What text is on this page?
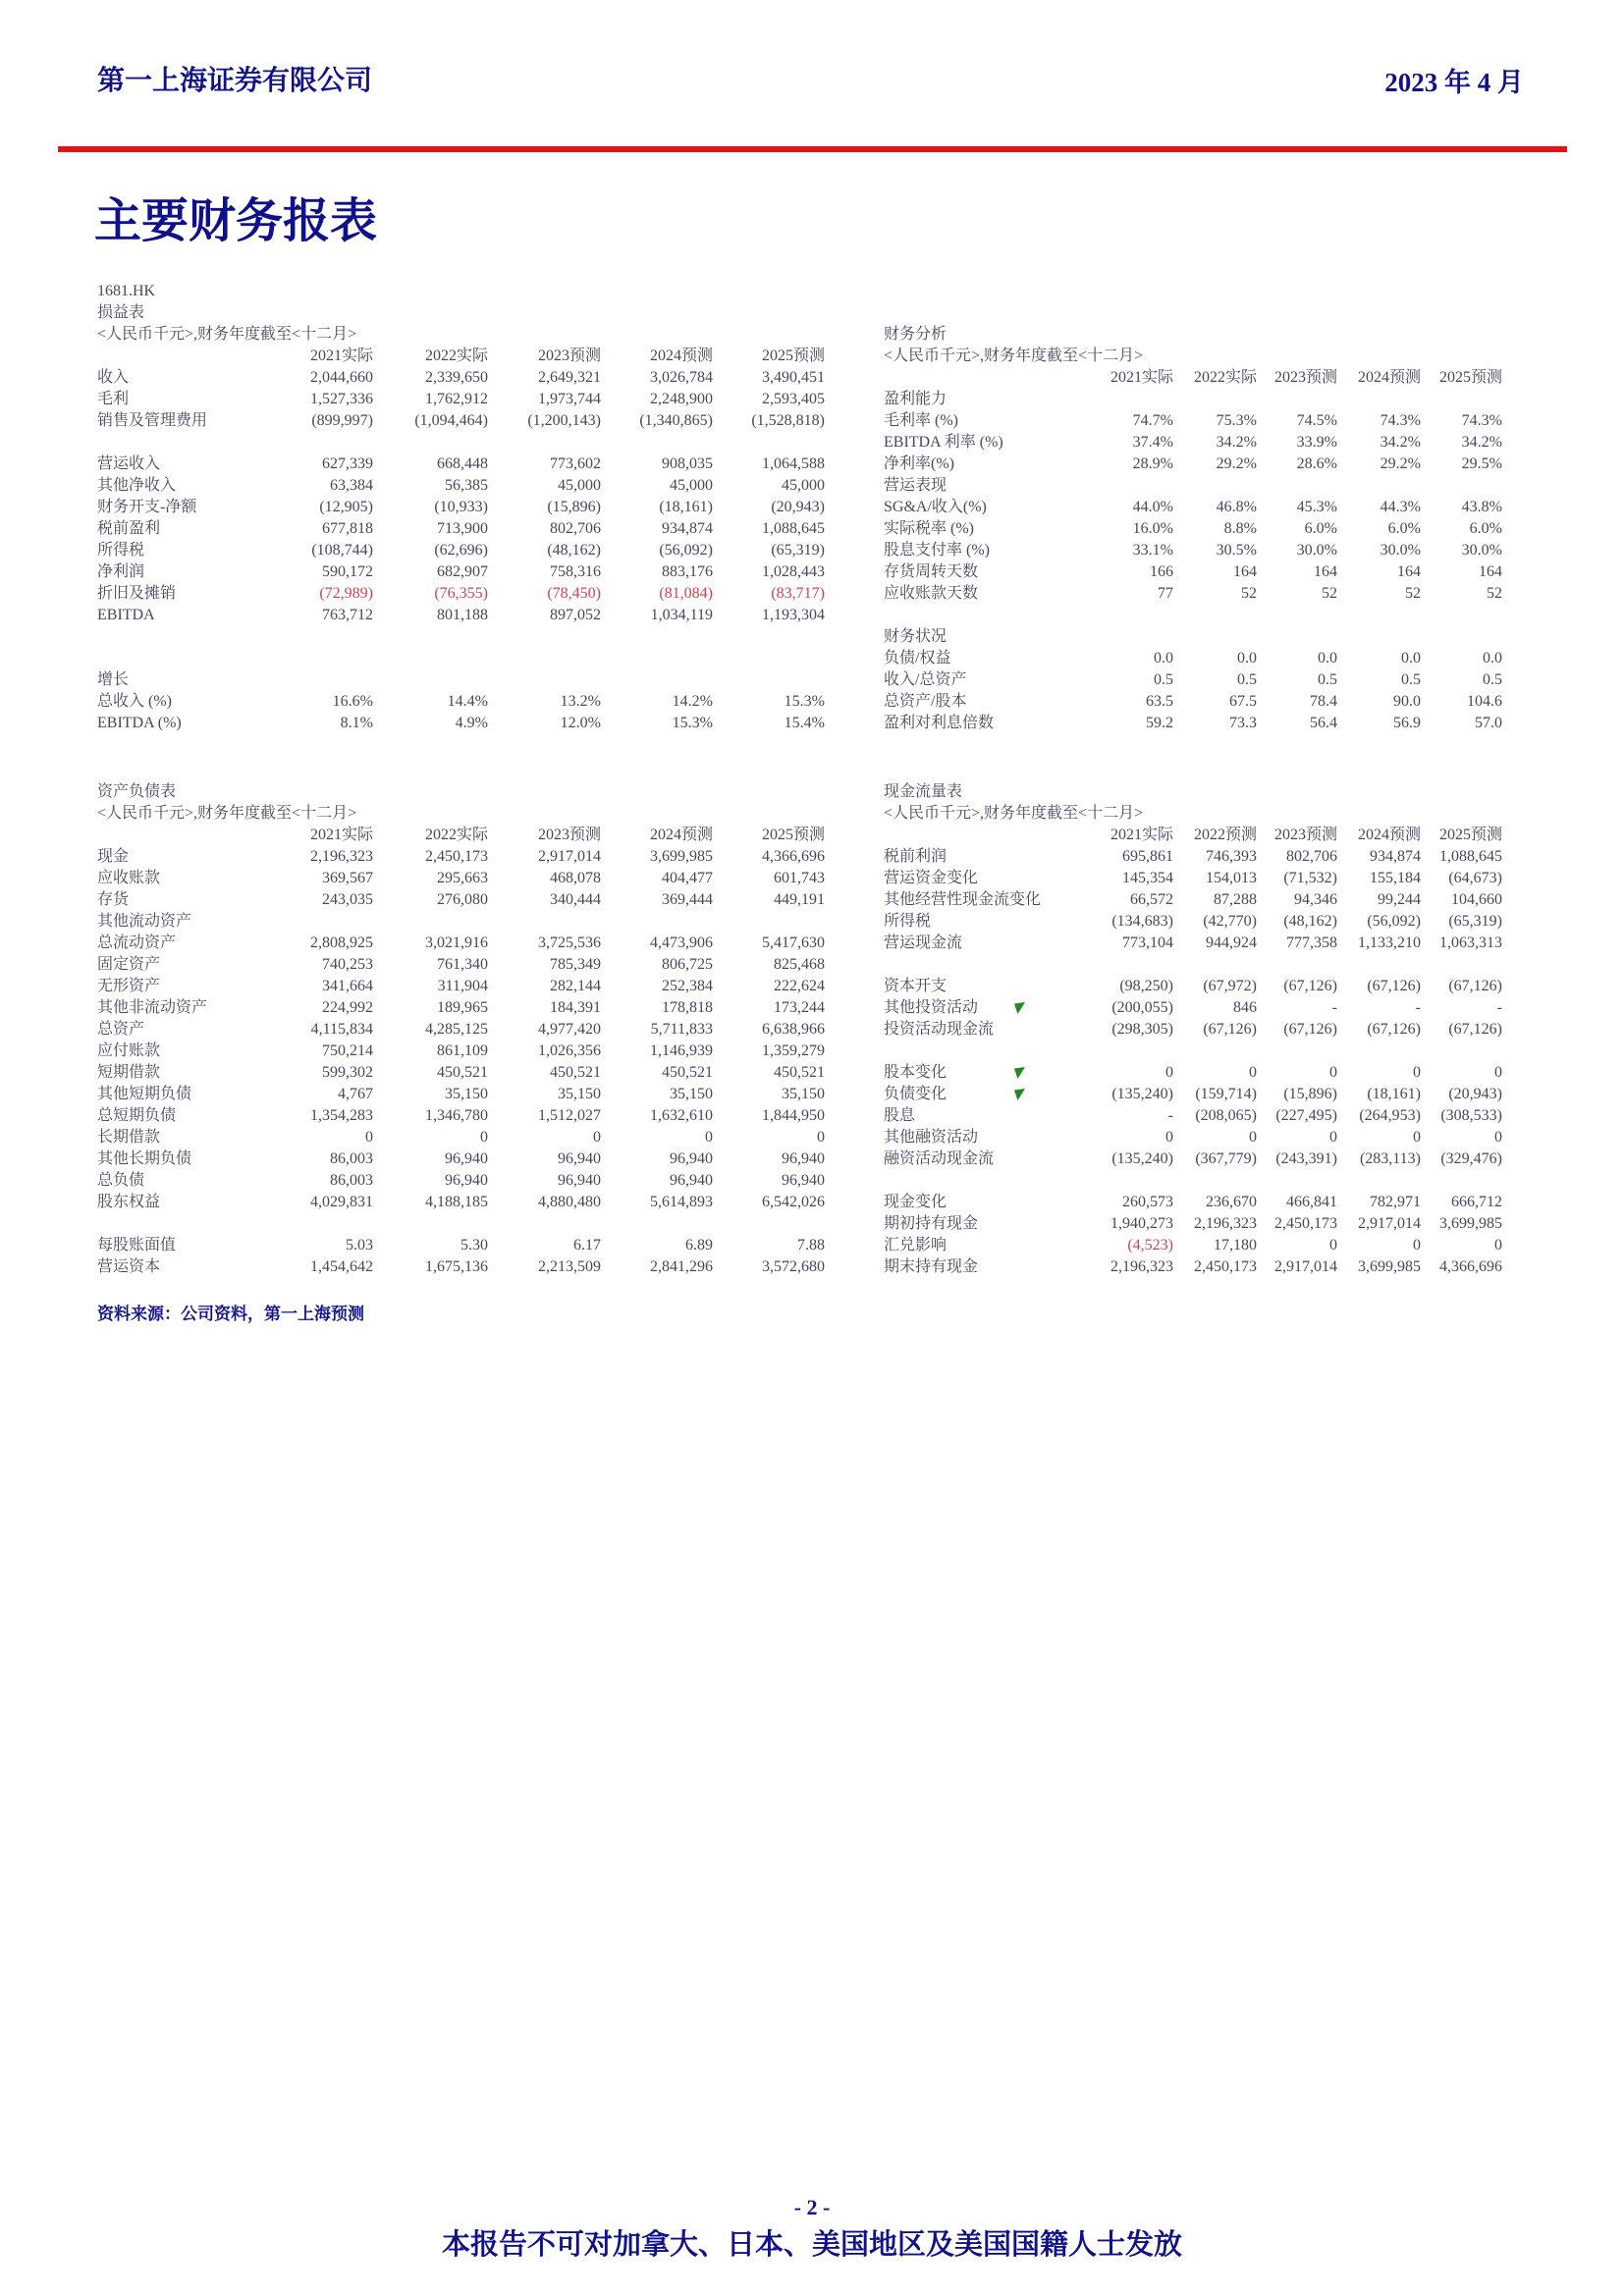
第一上海证券有限公司	2023 年 4 月
主要财务报表
1681.HK
损益表
<人民币千元>,财务年度截至<十二月>
	2021实际	2022实际	2023预测	2024预测	2025预测
收入	2,044,660	2,339,650	2,649,321	3,026,784	3,490,451
毛利	1,527,336	1,762,912	1,973,744	2,248,900	2,593,405
销售及管理费用	(899,997)	(1,094,464)	(1,200,143)	(1,340,865)	(1,528,818)

营运收入	627,339	668,448	773,602	908,035	1,064,588
其他净收入	63,384	56,385	45,000	45,000	45,000
财务开支-净额	(12,905)	(10,933)	(15,896)	(18,161)	(20,943)
税前盈利	677,818	713,900	802,706	934,874	1,088,645
所得税	(108,744)	(62,696)	(48,162)	(56,092)	(65,319)
净利润	590,172	682,907	758,316	883,176	1,028,443
折旧及摊销	(72,989)	(76,355)	(78,450)	(81,084)	(83,717)
EBITDA	763,712	801,188	897,052	1,034,119	1,193,304
增长
总收入 (%)	16.6%	14.4%	13.2%	14.2%	15.3%
EBITDA (%)	8.1%	4.9%	12.0%	15.3%	15.4%
资产负债表
<人民币千元>,财务年度截至<十二月>
	2021实际	2022实际	2023预测	2024预测	2025预测
现金	2,196,323	2,450,173	2,917,014	3,699,985	4,366,696
应收账款	369,567	295,663	468,078	404,477	601,743
存货	243,035	276,080	340,444	369,444	449,191
其他流动资产					
总流动资产	2,808,925	3,021,916	3,725,536	4,473,906	5,417,630
固定资产	740,253	761,340	785,349	806,725	825,468
无形资产	341,664	311,904	282,144	252,384	222,624
其他非流动资产	224,992	189,965	184,391	178,818	173,244
总资产	4,115,834	4,285,125	4,977,420	5,711,833	6,638,966
应付账款	750,214	861,109	1,026,356	1,146,939	1,359,279
短期借款	599,302	450,521	450,521	450,521	450,521
其他短期负债	4,767	35,150	35,150	35,150	35,150
总短期负债	1,354,283	1,346,780	1,512,027	1,632,610	1,844,950
长期借款	0	0	0	0	0
其他长期负债	86,003	96,940	96,940	96,940	96,940
总负债	86,003	96,940	96,940	96,940	96,940
股东权益	4,029,831	4,188,185	4,880,480	5,614,893	6,542,026

每股账面值	5.03	5.30	6.17	6.89	7.88
营运资本	1,454,642	1,675,136	2,213,509	2,841,296	3,572,680
资料来源：公司资料，第一上海预测
财务分析
<人民币千元>,财务年度截至<十二月>
	2021实际	2022实际	2023预测	2024预测	2025预测
盈利能力					
毛利率 (%)	74.7%	75.3%	74.5%	74.3%	74.3%
EBITDA 利率 (%)	37.4%	34.2%	33.9%	34.2%	34.2%
净利率(%)	28.9%	29.2%	28.6%	29.2%	29.5%
营运表现					
SG&A/收入(%)	44.0%	46.8%	45.3%	44.3%	43.8%
实际税率 (%)	16.0%	8.8%	6.0%	6.0%	6.0%
股息支付率 (%)	33.1%	30.5%	30.0%	30.0%	30.0%
存货周转天数	166	164	164	164	164
应收账款天数	77	52	52	52	52

财务状况					
负债/权益	0.0	0.0	0.0	0.0	0.0
收入/总资产	0.5	0.5	0.5	0.5	0.5
总资产/股本	63.5	67.5	78.4	90.0	104.6
盈利对利息倍数	59.2	73.3	56.4	56.9	57.0
现金流量表
<人民币千元>,财务年度截至<十二月>
	2021实际	2022预测	2023预测	2024预测	2025预测
税前利润	695,861	746,393	802,706	934,874	1,088,645
营运资金变化	145,354	154,013	(71,532)	155,184	(64,673)
其他经营性现金流变化	66,572	87,288	94,346	99,244	104,660
所得税	(134,683)	(42,770)	(48,162)	(56,092)	(65,319)
营运现金流	773,104	944,924	777,358	1,133,210	1,063,313

资本开支	(98,250)	(67,972)	(67,126)	(67,126)	(67,126)
其他投资活动	(200,055)	846	-	-	-
投资活动现金流	(298,305)	(67,126)	(67,126)	(67,126)	(67,126)

股本变化	0	0	0	0	0
负债变化	(135,240)	(159,714)	(15,896)	(18,161)	(20,943)
股息	-	(208,065)	(227,495)	(264,953)	(308,533)
其他融资活动	0	0	0	0	0
融资活动现金流	(135,240)	(367,779)	(243,391)	(283,113)	(329,476)

现金变化	260,573	236,670	466,841	782,971	666,712
期初持有现金	1,940,273	2,196,323	2,450,173	2,917,014	3,699,985
汇兑影响	(4,523)	17,180	0	0	0
期末持有现金	2,196,323	2,450,173	2,917,014	3,699,985	4,366,696
- 2 -
本报告不可对加拿大、日本、美国地区及美国国籍人士发放
